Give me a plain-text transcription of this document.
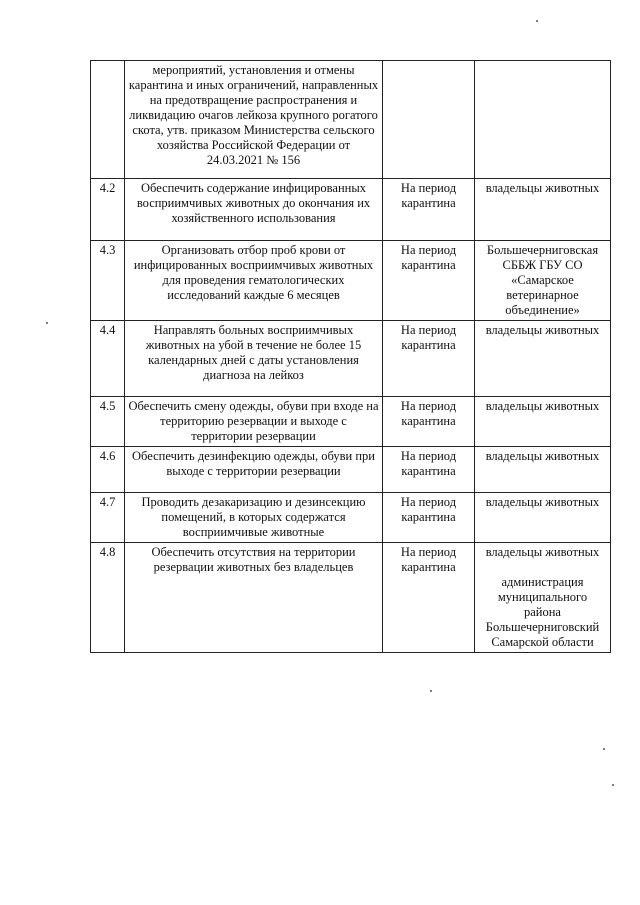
	мероприятий, установления и отмены карантина и иных ограничений, направленных на предотвращение распространения и ликвидацию очагов лейкоза крупного рогатого скота, утв. приказом Министерства сельского хозяйства Российской Федерации от 24.03.2021 № 156		

4.2	Обеспечить содержание инфицированных восприимчивых животных до окончания их хозяйственного использования	На период карантина	владельцы животных

4.3	Организовать отбор проб крови от инфицированных восприимчивых животных для проведения гематологических исследований каждые 6 месяцев	На период карантина	Большечерниговская СББЖ ГБУ СО «Самарское ветеринарное объединение»

4.4	Направлять больных восприимчивых животных на убой в течение не более 15 календарных дней с даты установления диагноза на лейкоз	На период карантина	владельцы животных

4.5	Обеспечить смену одежды, обуви при входе на территорию резервации и выходе с территории резервации	На период карантина	владельцы животных

4.6	Обеспечить дезинфекцию одежды, обуви при выходе с территории резервации	На период карантина	владельцы животных

4.7	Проводить дезакаризацию и дезинсекцию помещений, в которых содержатся восприимчивые животные	На период карантина	владельцы животных

4.8	Обеспечить отсутствия на территории резервации животных без владельцев	На период карантина	владельцы животных
администрация муниципального района Большечерниговский Самарской области
